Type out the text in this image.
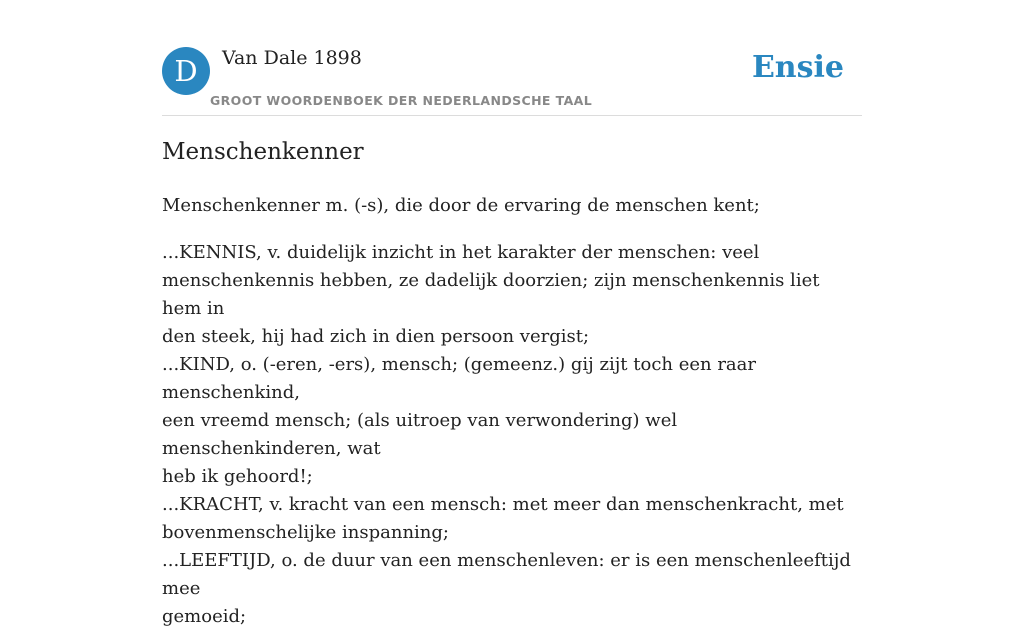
D	Van Dale 1898
GROOT WOORDENBOEK DER NEDERLANDSCHE TAAL
Ensie
Menschenkenner

Menschenkenner m. (-s), die door de ervaring de menschen kent;

...KENNIS, v. duidelijk inzicht in het karakter der menschen: veel
menschenkennis hebben, ze dadelijk doorzien; zijn menschenkennis liet hem in
den steek, hij had zich in dien persoon vergist;
...KIND, o. (-eren, -ers), mensch; (gemeenz.) gij zijt toch een raar menschenkind,
een vreemd mensch; (als uitroep van verwondering) wel menschenkinderen, wat
heb ik gehoord!;
...KRACHT, v. kracht van een mensch: met meer dan menschenkracht, met
bovenmenschelijke inspanning;
...LEEFTIJD, o. de duur van een menschenleven: er is een menschenleeftijd mee
gemoeid;
